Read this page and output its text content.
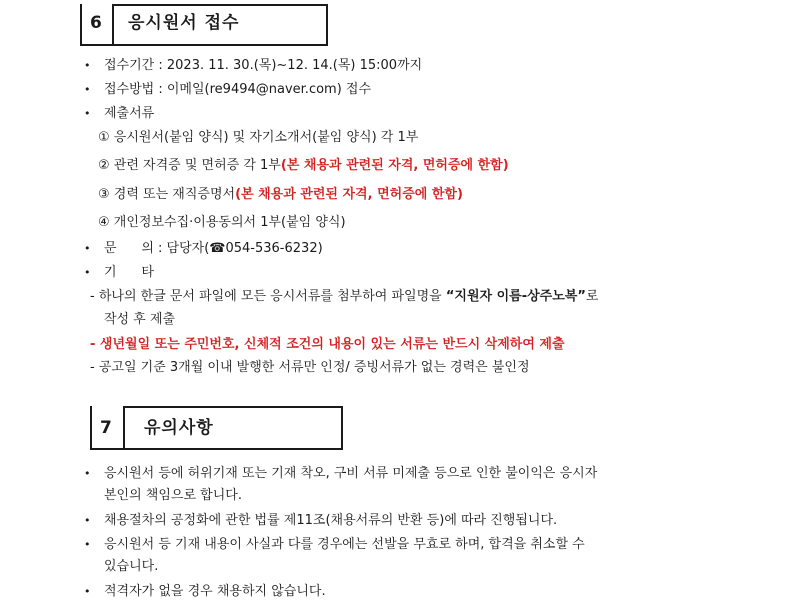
6 응시원서 접수
• 접수기간 : 2023. 11. 30.(목)~12. 14.(목) 15:00까지
• 접수방법 : 이메일(re9494@naver.com) 접수
• 제출서류
① 응시원서(붙임 양식) 및 자기소개서(붙임 양식) 각 1부
② 관련 자격증 및 면허증 각 1부(본 채용과 관련된 자격, 면허증에 한함)
③ 경력 또는 재직증명서(본 채용과 관련된 자격, 면허증에 한함)
④ 개인정보수집·이용동의서 1부(붙임 양식)
• 문      의 : 담당자(☎054-536-6232)
• 기      타
- 하나의 한글 문서 파일에 모든 응시서류를 첨부하여 파일명을 “지원자 이름-상주노복”로
작성 후 제출
- 생년월일 또는 주민번호, 신체적 조건의 내용이 있는 서류는 반드시 삭제하여 제출
- 공고일 기준 3개월 이내 발행한 서류만 인정/ 증빙서류가 없는 경력은 불인정
7 유의사항
• 응시원서 등에 허위기재 또는 기재 착오, 구비 서류 미제출 등으로 인한 불이익은 응시자
본인의 책임으로 합니다.
• 채용절차의 공정화에 관한 법률 제11조(채용서류의 반환 등)에 따라 진행됩니다.
• 응시원서 등 기재 내용이 사실과 다를 경우에는 선발을 무효로 하며, 합격을 취소할 수
있습니다.
• 적격자가 없을 경우 채용하지 않습니다.
